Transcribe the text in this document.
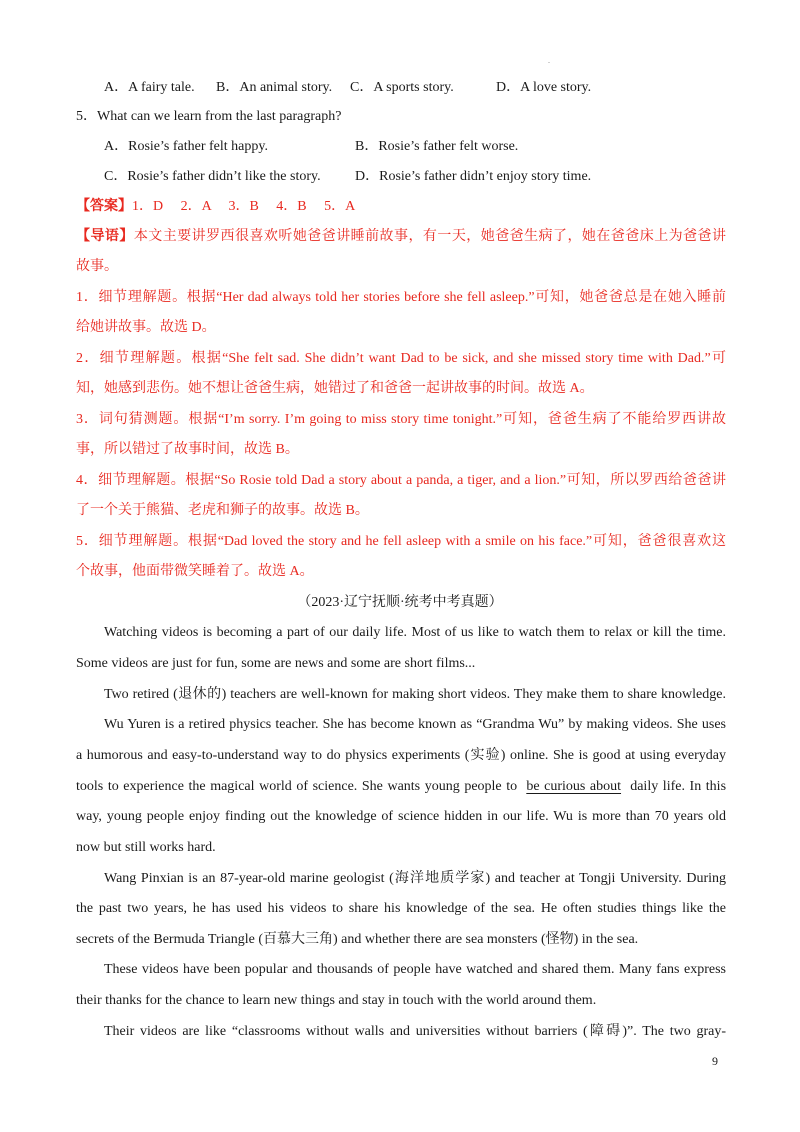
.
A．A fairy tale. B．An animal story. C．A sports story.	D．A love story.
5．What can we learn from the last paragraph?
A．Rosie’s father felt happy.	B．Rosie’s father felt worse.
C．Rosie’s father didn’t like the story. D．Rosie’s father didn’t enjoy story time.
【答案】1．D　 2．A　 3．B　 4．B　 5．A
【导语】本文主要讲罗西很喜欢听她爸爸讲睡前故事，有一天，她爸爸生病了，她在爸爸床上为爸爸讲
故事。
1．细节理解题。根据“Her dad always told her stories before she fell asleep.”可知，她爸爸总是在她入睡前
给她讲故事。故选 D。
2．细节理解题。根据“She felt sad. She didn’t want Dad to be sick, and she missed story time with Dad.”可
知，她感到悲伤。她不想让爸爸生病，她错过了和爸爸一起讲故事的时间。故选 A。
3．词句猜测题。根据“I’m sorry. I’m going to miss story time tonight.”可知，爸爸生病了不能给罗西讲故
事，所以错过了故事时间，故选 B。
4．细节理解题。根据“So Rosie told Dad a story about a panda, a tiger, and a lion.”可知，所以罗西给爸爸讲
了一个关于熊猫、老虎和狮子的故事。故选 B。
5．细节理解题。根据“Dad loved the story and he fell asleep with a smile on his face.”可知，爸爸很喜欢这
个故事，他面带微笑睡着了。故选 A。
（2023·辽宁抚顺·统考中考真题）
Watching videos is becoming a part of our daily life. Most of us like to watch them to relax or kill the time.
Some videos are just for fun, some are news and some are short films...
Two retired (退休的) teachers are well-known for making short videos. They make them to share knowledge.
Wu Yuren is a retired physics teacher. She has become known as “Grandma Wu” by making videos. She uses
a humorous and easy-to-understand way to do physics experiments (实验) online. She is good at using everyday
tools to experience the magical world of science. She wants young people to be curious about daily life. In this
way, young people enjoy finding out the knowledge of science hidden in our life. Wu is more than 70 years old
now but still works hard.
Wang Pinxian is an 87-year-old marine geologist (海洋地质学家) and teacher at Tongji University. During
the past two years, he has used his videos to share his knowledge of the sea. He often studies things like the
secrets of the Bermuda Triangle (百慕大三角) and whether there are sea monsters (怪物) in the sea.
These videos have been popular and thousands of people have watched and shared them. Many fans express
their thanks for the chance to learn new things and stay in touch with the world around them.
Their videos are like “classrooms without walls and universities without barriers (障碍)”. The two gray-
9
